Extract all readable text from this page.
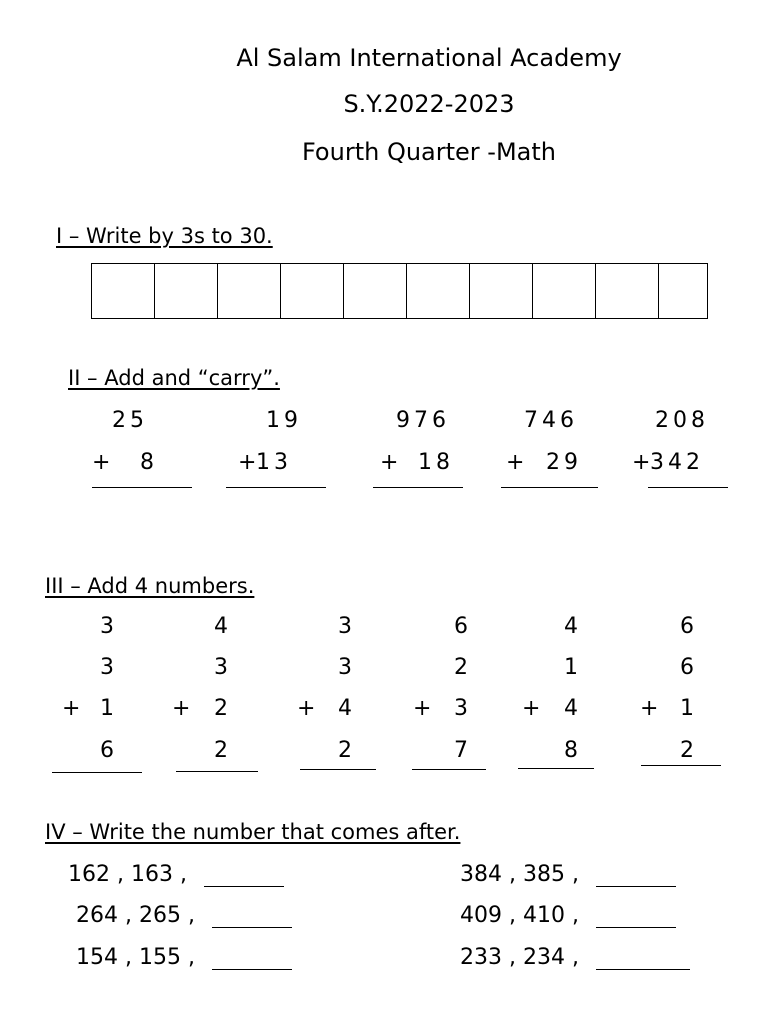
Al Salam International Academy
S.Y.2022-2023
Fourth Quarter -Math
I – Write by 3s to 30.
II – Add and “carry”.
25
+ 8
19
+ 13
976
+ 18
746
+ 29
208
+ 342
III – Add 4 numbers.
3
3
+ 1
6
4
3
+	2
2
3
3
+	4
2
6
2
+	3
7
4
1
+	4
8
6
6
+ 1
2
IV – Write the number that comes after.
162 , 163 ,	384 , 385 ,
264 , 265 ,	409 , 410 ,
154 , 155 ,	233 , 234 ,
